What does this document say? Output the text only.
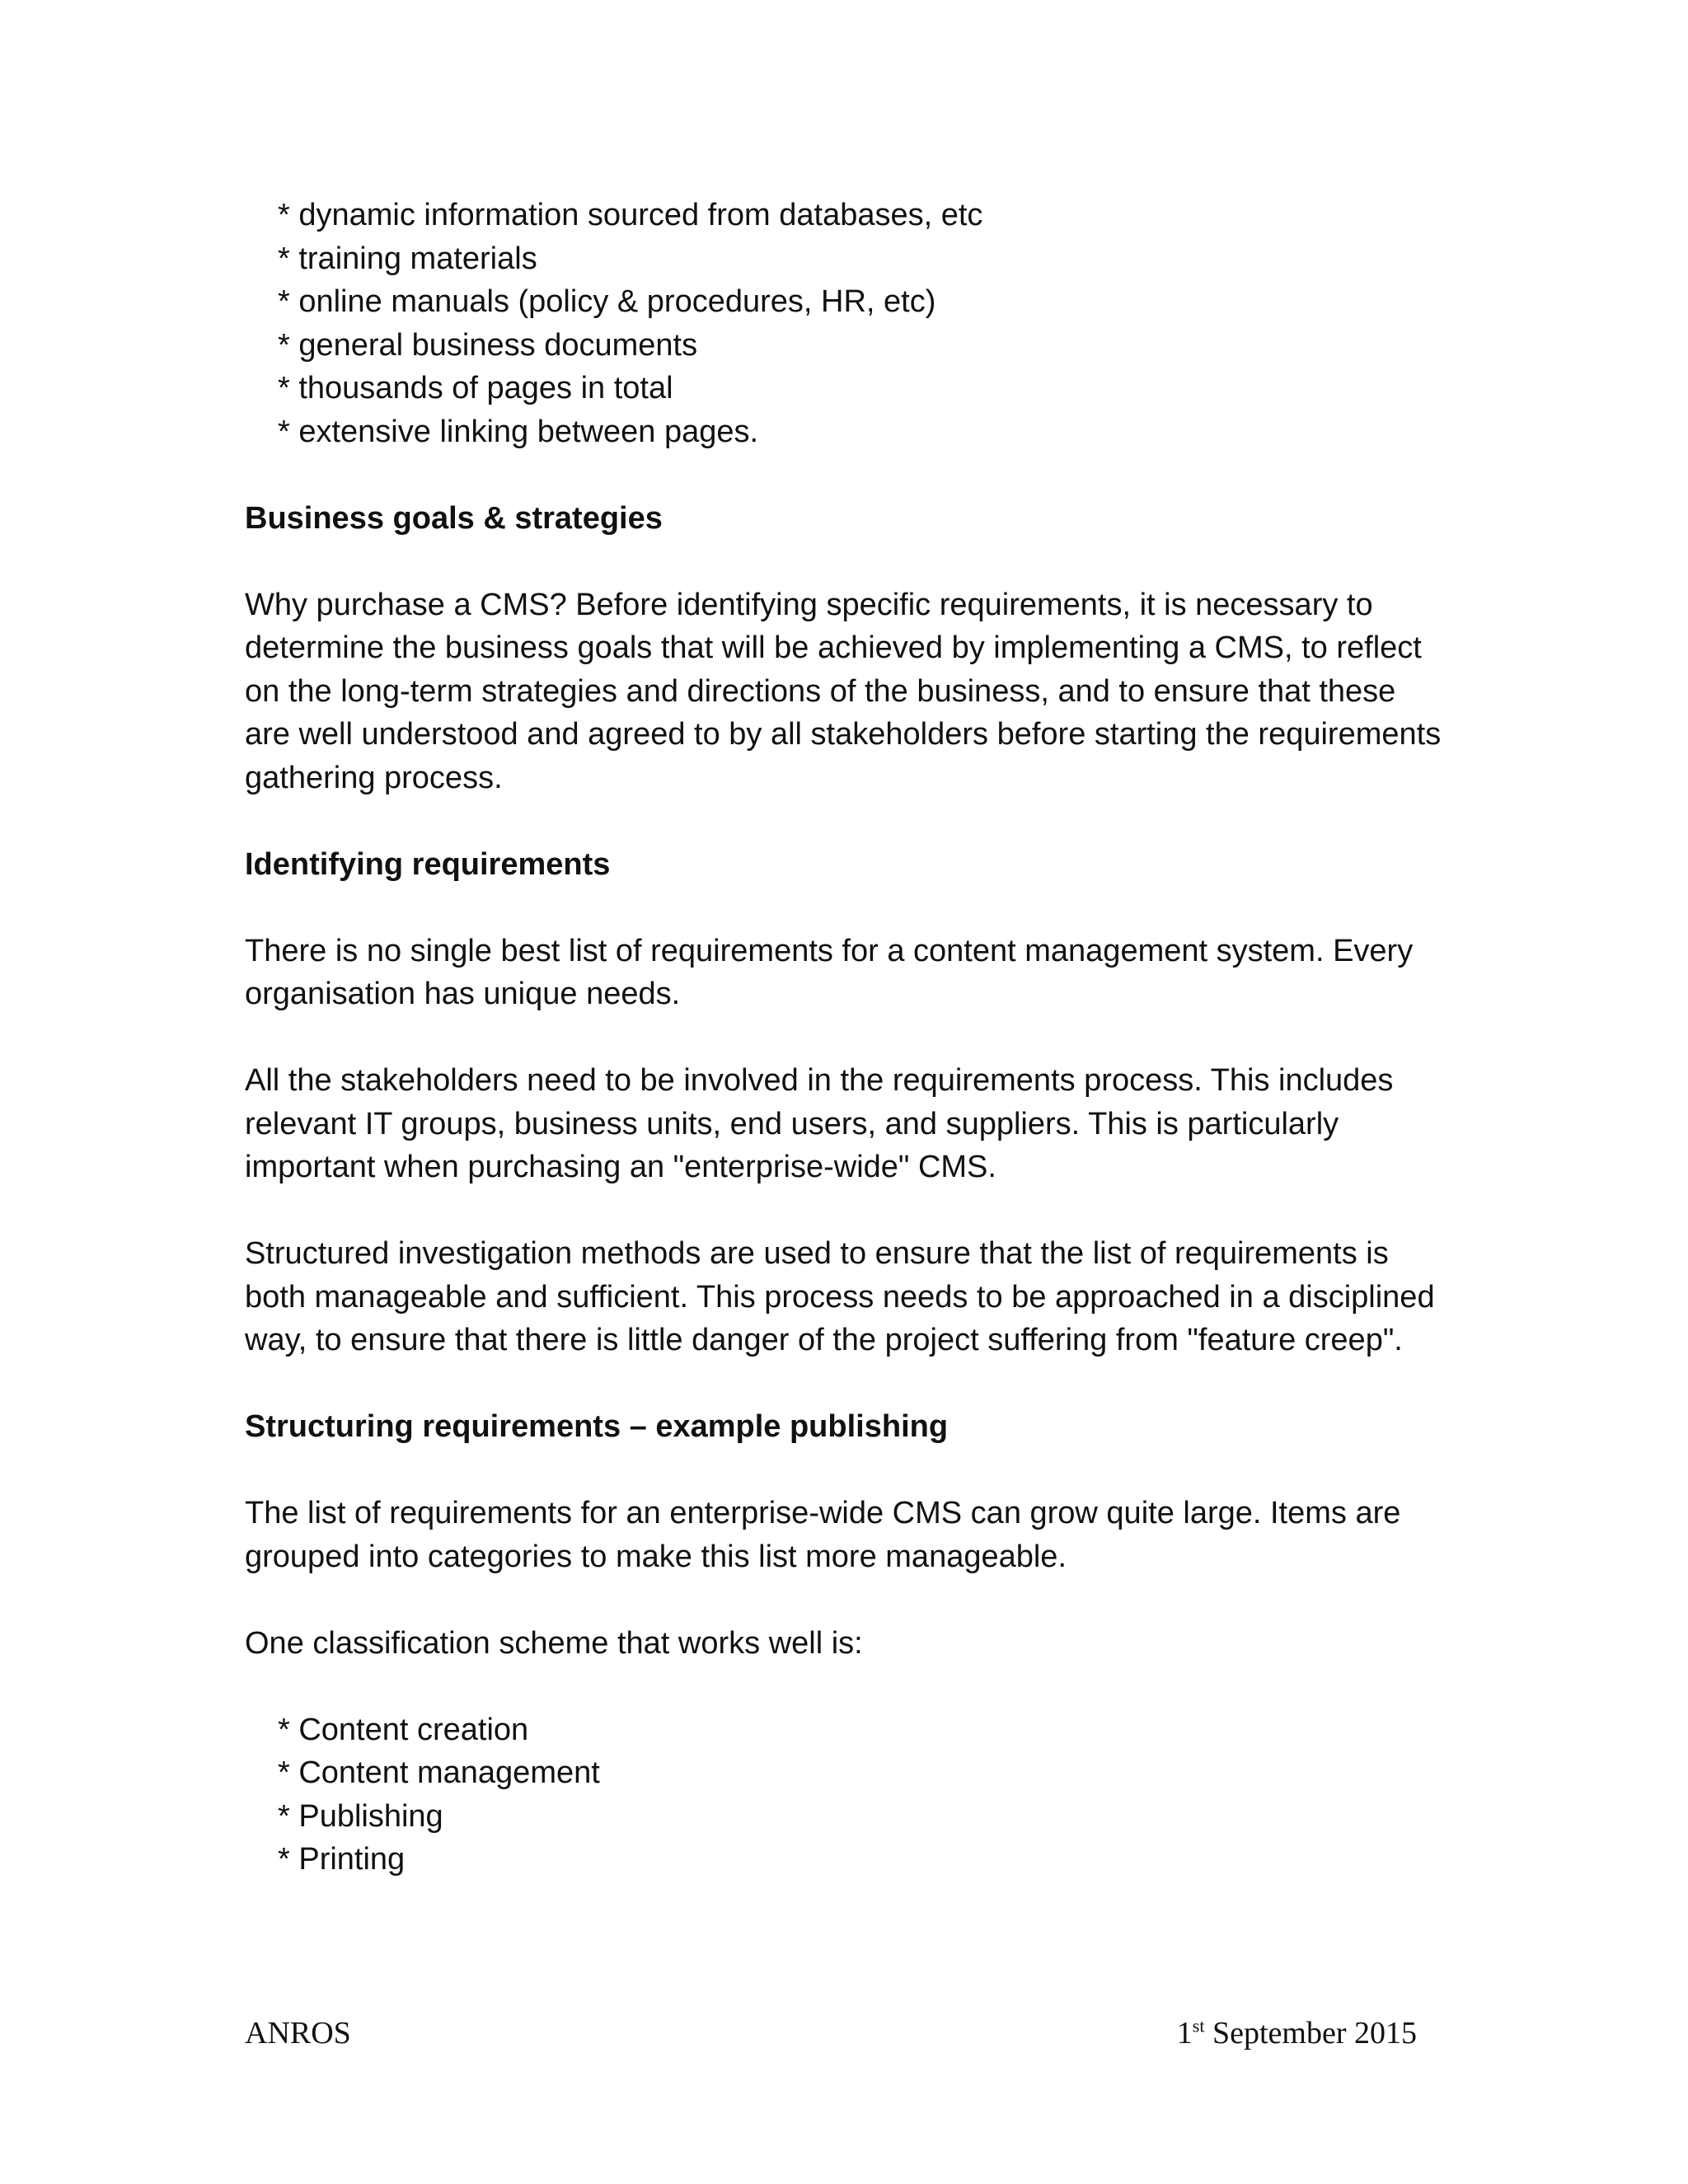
* dynamic information sourced from databases, etc
* training materials
* online manuals (policy & procedures, HR, etc)
* general business documents
* thousands of pages in total
* extensive linking between pages.
Business goals & strategies

Why purchase a CMS? Before identifying specific requirements, it is necessary to determine the business goals that will be achieved by implementing a CMS, to reflect on the long-term strategies and directions of the business, and to ensure that these are well understood and agreed to by all stakeholders before starting the requirements gathering process.

Identifying requirements

There is no single best list of requirements for a content management system. Every organisation has unique needs.

All the stakeholders need to be involved in the requirements process. This includes relevant IT groups, business units, end users, and suppliers. This is particularly important when purchasing an "enterprise-wide" CMS.

Structured investigation methods are used to ensure that the list of requirements is both manageable and sufficient. This process needs to be approached in a disciplined way, to ensure that there is little danger of the project suffering from "feature creep".

Structuring requirements – example publishing

The list of requirements for an enterprise-wide CMS can grow quite large. Items are grouped into categories to make this list more manageable.

One classification scheme that works well is:

* Content creation
* Content management
* Publishing
* Printing
ANROS	1st September 2015
